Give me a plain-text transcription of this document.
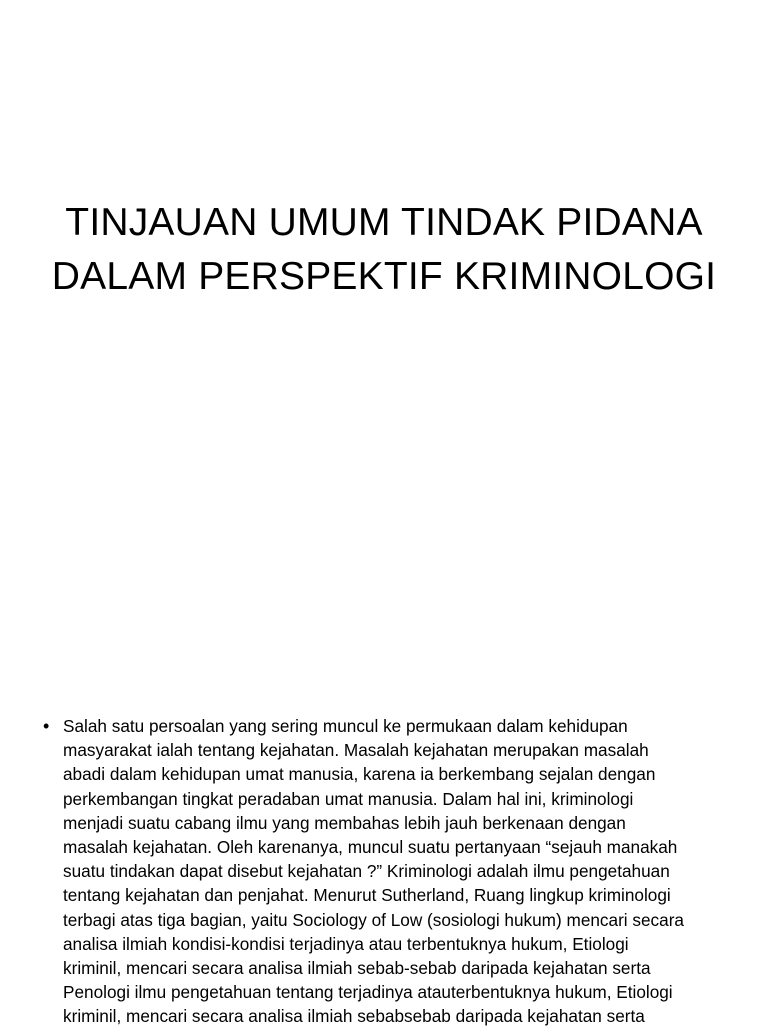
TINJAUAN UMUM TINDAK PIDANA
DALAM PERSPEKTIF KRIMINOLOGI
• Salah satu persoalan yang sering muncul ke permukaan dalam kehidupan
masyarakat ialah tentang kejahatan. Masalah kejahatan merupakan masalah
abadi dalam kehidupan umat manusia, karena ia berkembang sejalan dengan
perkembangan tingkat peradaban umat manusia. Dalam hal ini, kriminologi
menjadi suatu cabang ilmu yang membahas lebih jauh berkenaan dengan
masalah kejahatan. Oleh karenanya, muncul suatu pertanyaan “sejauh manakah
suatu tindakan dapat disebut kejahatan ?” Kriminologi adalah ilmu pengetahuan
tentang kejahatan dan penjahat. Menurut Sutherland, Ruang lingkup kriminologi
terbagi atas tiga bagian, yaitu Sociology of Low (sosiologi hukum) mencari secara
analisa ilmiah kondisi-kondisi terjadinya atau terbentuknya hukum, Etiologi
kriminil, mencari secara analisa ilmiah sebab-sebab daripada kejahatan serta
Penologi ilmu pengetahuan tentang terjadinya atauterbentuknya hukum, Etiologi
kriminil, mencari secara analisa ilmiah sebabsebab daripada kejahatan serta
